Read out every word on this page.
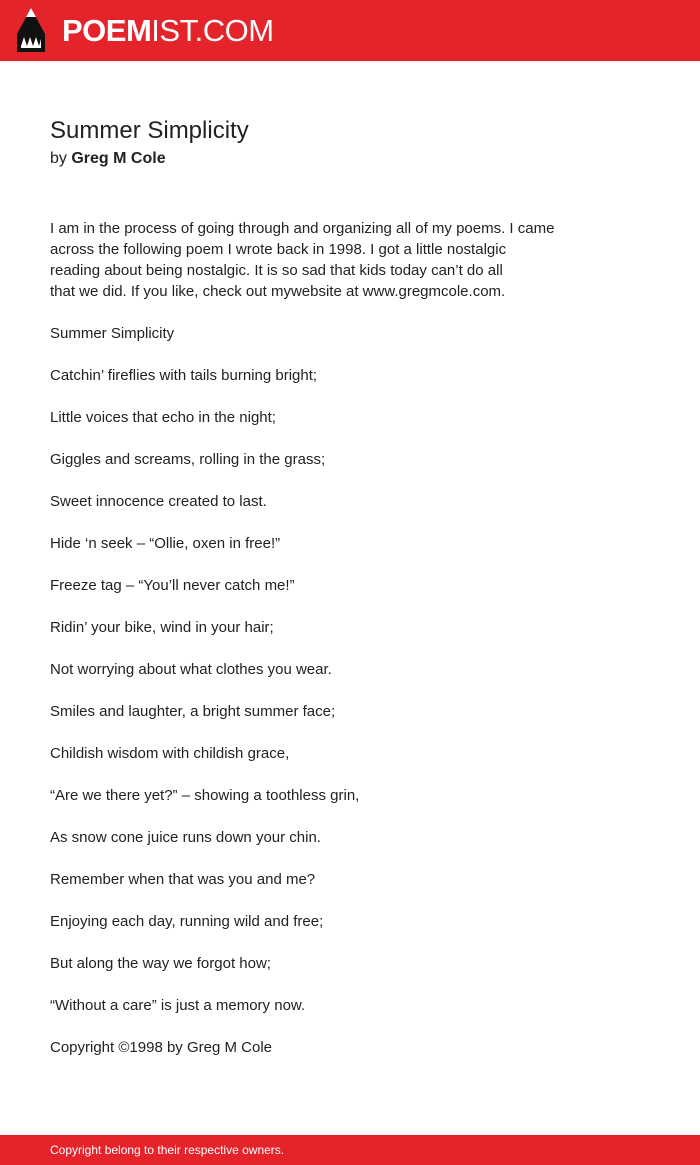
POEMIST.COM
Summer Simplicity
by Greg M Cole
I am in the process of going through and organizing all of my poems. I came
across the following poem I wrote back in 1998. I got a little nostalgic
reading about being nostalgic. It is so sad that kids today can’t do all
that we did. If you like, check out mywebsite at www.gregmcole.com.
Summer Simplicity
Catchin’ fireflies with tails burning bright;
Little voices that echo in the night;
Giggles and screams, rolling in the grass;
Sweet innocence created to last.
Hide ‘n seek – “Ollie, oxen in free!”
Freeze tag – “You’ll never catch me!”
Ridin’ your bike, wind in your hair;
Not worrying about what clothes you wear.
Smiles and laughter, a bright summer face;
Childish wisdom with childish grace,
“Are we there yet?” – showing a toothless grin,
As snow cone juice runs down your chin.
Remember when that was you and me?
Enjoying each day, running wild and free;
But along the way we forgot how;
“Without a care” is just a memory now.
Copyright ©1998 by Greg M Cole
Copyright belong to their respective owners.
